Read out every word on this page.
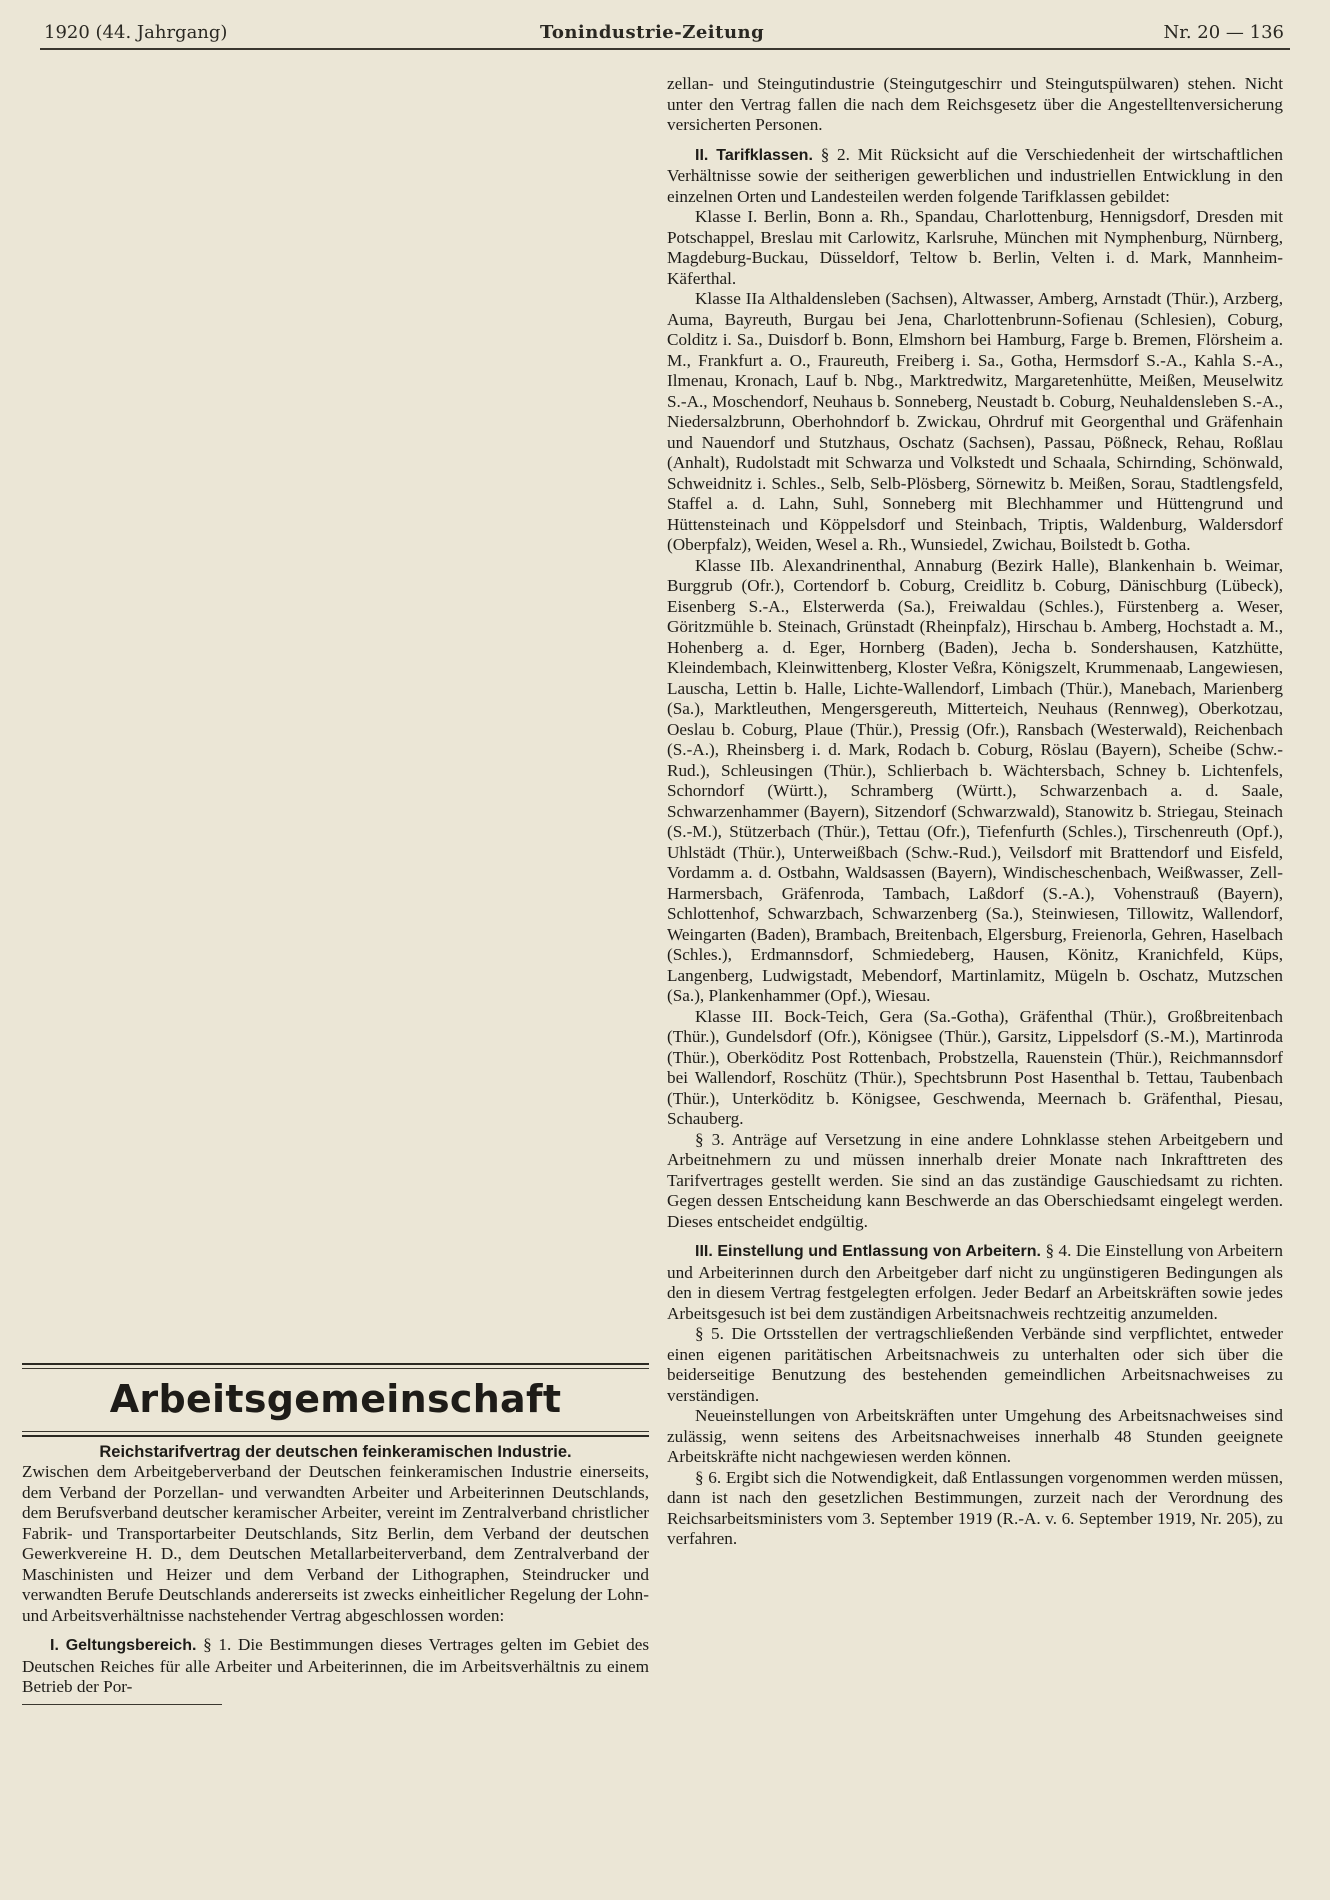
1920 (44. Jahrgang)	Tonindustrie-Zeitung	Nr. 20 — 136
Arbeitsgemeinschaft
Reichstarifvertrag der deutschen feinkeramischen Industrie.

Zwischen dem Arbeitgeberverband der Deutschen feinkeramischen Industrie einerseits, dem Verband der Porzellan- und verwandten Arbeiter und Arbeiterinnen Deutschlands, dem Berufsverband deutscher keramischer Arbeiter, vereint im Zentralverband christlicher Fabrik- und Transportarbeiter Deutschlands, Sitz Berlin, dem Verband der deutschen Gewerkvereine H. D., dem Deutschen Metallarbeiterverband, dem Zentralverband der Maschinisten und Heizer und dem Verband der Lithographen, Steindrucker und verwandten Berufe Deutschlands andererseits ist zwecks einheitlicher Regelung der Lohn- und Arbeitsverhältnisse nachstehender Vertrag abgeschlossen worden:

I. Geltungsbereich. § 1. Die Bestimmungen dieses Vertrages gelten im Gebiet des Deutschen Reiches für alle Arbeiter und Arbeiterinnen, die im Arbeitsverhältnis zu einem Betrieb der Por-

zellan- und Steingutindustrie (Steingutgeschirr und Steingutspülwaren) stehen. Nicht unter den Vertrag fallen die nach dem Reichsgesetz über die Angestelltenversicherung versicherten Personen.

II. Tarifklassen. § 2. Mit Rücksicht auf die Verschiedenheit der wirtschaftlichen Verhältnisse sowie der seitherigen gewerblichen und industriellen Entwicklung in den einzelnen Orten und Landesteilen werden folgende Tarifklassen gebildet:

Klasse I. Berlin, Bonn a. Rh., Spandau, Charlottenburg, Hennigsdorf, Dresden mit Potschappel, Breslau mit Carlowitz, Karlsruhe, München mit Nymphenburg, Nürnberg, Magdeburg-Buckau, Düsseldorf, Teltow b. Berlin, Velten i. d. Mark, Mannheim-Käferthal.

Klasse IIa Althaldensleben (Sachsen), Altwasser, Amberg, Arnstadt (Thür.), Arzberg, Auma, Bayreuth, Burgau bei Jena, Charlottenbrunn-Sofienau (Schlesien), Coburg, Colditz i. Sa., Duisdorf b. Bonn, Elmshorn bei Hamburg, Farge b. Bremen, Flörsheim a. M., Frankfurt a. O., Fraureuth, Freiberg i. Sa., Gotha, Hermsdorf S.-A., Kahla S.-A., Ilmenau, Kronach, Lauf b. Nbg., Marktredwitz, Margaretenhütte, Meißen, Meuselwitz S.-A., Moschendorf, Neuhaus b. Sonneberg, Neustadt b. Coburg, Neuhaldensleben S.-A., Niedersalzbrunn, Oberhohndorf b. Zwickau, Ohrdruf mit Georgenthal und Gräfenhain und Nauendorf und Stutzhaus, Oschatz (Sachsen), Passau, Pößneck, Rehau, Roßlau (Anhalt), Rudolstadt mit Schwarza und Volkstedt und Schaala, Schirnding, Schönwald, Schweidnitz i. Schles., Selb, Selb-Plösberg, Sörnewitz b. Meißen, Sorau, Stadtlengsfeld, Staffel a. d. Lahn, Suhl, Sonneberg mit Blechhammer und Hüttengrund und Hüttensteinach und Köppelsdorf und Steinbach, Triptis, Waldenburg, Waldersdorf (Oberpfalz), Weiden, Wesel a. Rh., Wunsiedel, Zwichau, Boilstedt b. Gotha.

Klasse IIb. Alexandrinenthal, Annaburg (Bezirk Halle), Blankenhain b. Weimar, Burggrub (Ofr.), Cortendorf b. Coburg, Creidlitz b. Coburg, Dänischburg (Lübeck), Eisenberg S.-A., Elsterwerda (Sa.), Freiwaldau (Schles.), Fürstenberg a. Weser, Göritzmühle b. Steinach, Grünstadt (Rheinpfalz), Hirschau b. Amberg, Hochstadt a. M., Hohenberg a. d. Eger, Hornberg (Baden), Jecha b. Sondershausen, Katzhütte, Kleindembach, Kleinwittenberg, Kloster Veßra, Königszelt, Krummenaab, Langewiesen, Lauscha, Lettin b. Halle, Lichte-Wallendorf, Limbach (Thür.), Manebach, Marienberg (Sa.), Marktleuthen, Mengersgereuth, Mitterteich, Neuhaus (Rennweg), Oberkotzau, Oeslau b. Coburg, Plaue (Thür.), Pressig (Ofr.), Ransbach (Westerwald), Reichenbach (S.-A.), Rheinsberg i. d. Mark, Rodach b. Coburg, Röslau (Bayern), Scheibe (Schw.-Rud.), Schleusingen (Thür.), Schlierbach b. Wächtersbach, Schney b. Lichtenfels, Schorndorf (Württ.), Schramberg (Württ.), Schwarzenbach a. d. Saale, Schwarzenhammer (Bayern), Sitzendorf (Schwarzwald), Stanowitz b. Striegau, Steinach (S.-M.), Stützerbach (Thür.), Tettau (Ofr.), Tiefenfurth (Schles.), Tirschenreuth (Opf.), Uhlstädt (Thür.), Unterweißbach (Schw.-Rud.), Veilsdorf mit Brattendorf und Eisfeld, Vordamm a. d. Ostbahn, Waldsassen (Bayern), Windischeschenbach, Weißwasser, Zell-Harmersbach, Gräfenroda, Tambach, Laßdorf (S.-A.), Vohenstrauß (Bayern), Schlottenhof, Schwarzbach, Schwarzenberg (Sa.), Steinwiesen, Tillowitz, Wallendorf, Weingarten (Baden), Brambach, Breitenbach, Elgersburg, Freienorla, Gehren, Haselbach (Schles.), Erdmannsdorf, Schmiedeberg, Hausen, Könitz, Kranichfeld, Küps, Langenberg, Ludwigstadt, Mebendorf, Martinlamitz, Mügeln b. Oschatz, Mutzschen (Sa.), Plankenhammer (Opf.), Wiesau.

Klasse III. Bock-Teich, Gera (Sa.-Gotha), Gräfenthal (Thür.), Großbreitenbach (Thür.), Gundelsdorf (Ofr.), Königsee (Thür.), Garsitz, Lippelsdorf (S.-M.), Martinroda (Thür.), Oberköditz Post Rottenbach, Probstzella, Rauenstein (Thür.), Reichmannsdorf bei Wallendorf, Roschütz (Thür.), Spechtsbrunn Post Hasenthal b. Tettau, Taubenbach (Thür.), Unterköditz b. Königsee, Geschwenda, Meernach b. Gräfenthal, Piesau, Schauberg.

§ 3. Anträge auf Versetzung in eine andere Lohnklasse stehen Arbeitgebern und Arbeitnehmern zu und müssen innerhalb dreier Monate nach Inkrafttreten des Tarifvertrages gestellt werden. Sie sind an das zuständige Gauschiedsamt zu richten. Gegen dessen Entscheidung kann Beschwerde an das Oberschiedsamt eingelegt werden. Dieses entscheidet endgültig.

III. Einstellung und Entlassung von Arbeitern. § 4. Die Einstellung von Arbeitern und Arbeiterinnen durch den Arbeitgeber darf nicht zu ungünstigeren Bedingungen als den in diesem Vertrag festgelegten erfolgen. Jeder Bedarf an Arbeitskräften sowie jedes Arbeitsgesuch ist bei dem zuständigen Arbeitsnachweis rechtzeitig anzumelden.

§ 5. Die Ortsstellen der vertragschließenden Verbände sind verpflichtet, entweder einen eigenen paritätischen Arbeitsnachweis zu unterhalten oder sich über die beiderseitige Benutzung des bestehenden gemeindlichen Arbeitsnachweises zu verständigen.

Neueinstellungen von Arbeitskräften unter Umgehung des Arbeitsnachweises sind zulässig, wenn seitens des Arbeitsnachweises innerhalb 48 Stunden geeignete Arbeitskräfte nicht nachgewiesen werden können.

§ 6. Ergibt sich die Notwendigkeit, daß Entlassungen vorgenommen werden müssen, dann ist nach den gesetzlichen Bestimmungen, zurzeit nach der Verordnung des Reichsarbeitsministers vom 3. September 1919 (R.-A. v. 6. September 1919, Nr. 205), zu verfahren.
